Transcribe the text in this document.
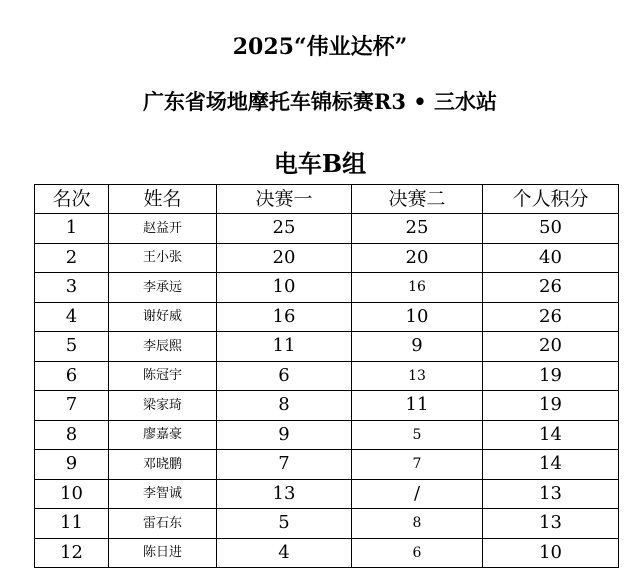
2025“伟业达杯”
广东省场地摩托车锦标赛R3 • 三水站
电车B组
名次	姓名	决赛一	决赛二	个人积分
1	赵益开	25	25	50
2	王小张	20	20	40
3	李承远	10	16	26
4	谢好威	16	10	26
5	李辰熙	11	9	20
6	陈冠宇	6	13	19
7	梁家琦	8	11	19
8	廖嘉豪	9	5	14
9	邓晓鹏	7	7	14
10	李智诚	13	/	13
11	雷石东	5	8	13
12	陈日进	4	6	10
